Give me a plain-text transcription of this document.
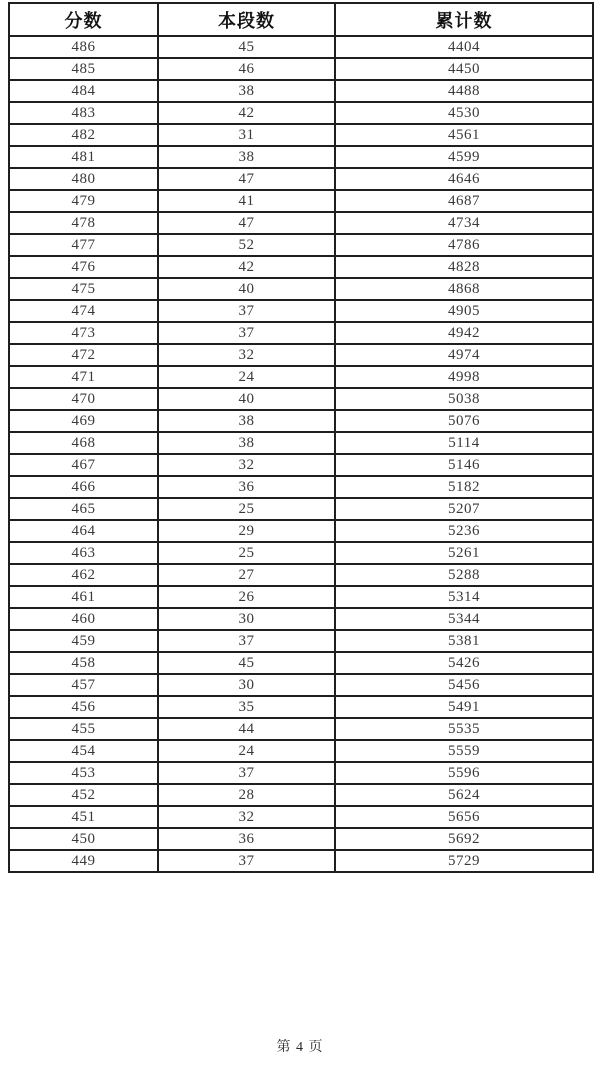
分数	本段数	累计数
486	45	4404
485	46	4450
484	38	4488
483	42	4530
482	31	4561
481	38	4599
480	47	4646
479	41	4687
478	47	4734
477	52	4786
476	42	4828
475	40	4868
474	37	4905
473	37	4942
472	32	4974
471	24	4998
470	40	5038
469	38	5076
468	38	5114
467	32	5146
466	36	5182
465	25	5207
464	29	5236
463	25	5261
462	27	5288
461	26	5314
460	30	5344
459	37	5381
458	45	5426
457	30	5456
456	35	5491
455	44	5535
454	24	5559
453	37	5596
452	28	5624
451	32	5656
450	36	5692
449	37	5729
第 4 页
